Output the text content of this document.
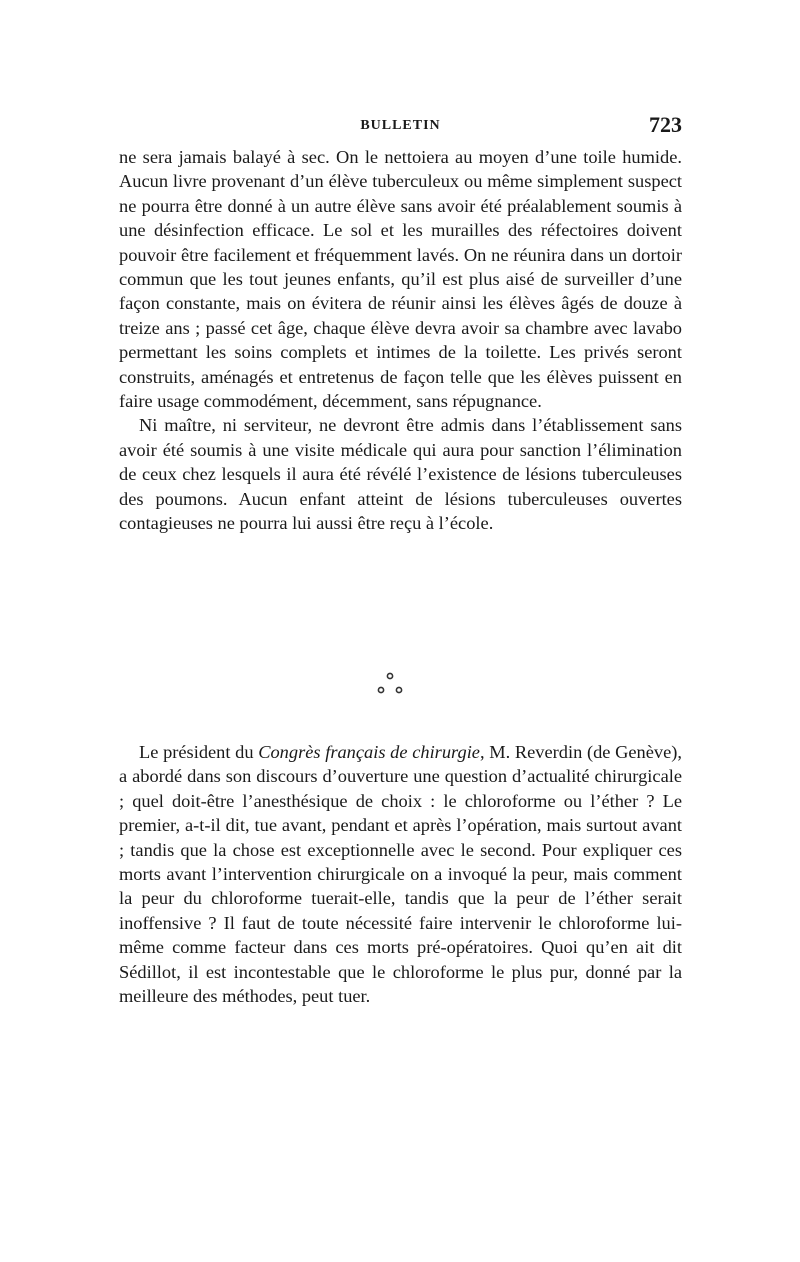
BULLETIN	723

ne sera jamais balayé à sec. On le nettoiera au moyen d’une toile humide. Aucun livre provenant d’un élève tuberculeux ou même simplement suspect ne pourra être donné à un autre élève sans avoir été préalablement soumis à une désinfection efficace. Le sol et les murailles des réfectoires doivent pouvoir être facilement et fréquemment lavés. On ne réunira dans un dortoir commun que les tout jeunes enfants, qu’il est plus aisé de surveiller d’une façon constante, mais on évitera de réunir ainsi les élèves âgés de douze à treize ans ; passé cet âge, chaque élève devra avoir sa chambre avec lavabo permettant les soins complets et intimes de la toilette. Les privés seront construits, aménagés et entretenus de façon telle que les élèves puissent en faire usage commodément, décemment, sans répugnance.

Ni maître, ni serviteur, ne devront être admis dans l’établissement sans avoir été soumis à une visite médicale qui aura pour sanction l’élimination de ceux chez lesquels il aura été révélé l’existence de lésions tuberculeuses des poumons. Aucun enfant atteint de lésions tuberculeuses ouvertes contagieuses ne pourra lui aussi être reçu à l’école.

Le président du Congrès français de chirurgie, M. Reverdin (de Genève), a abordé dans son discours d’ouverture une question d’actualité chirurgicale ; quel doit-être l’anesthésique de choix : le chloroforme ou l’éther ? Le premier, a-t-il dit, tue avant, pendant et après l’opération, mais surtout avant ; tandis que la chose est exceptionnelle avec le second. Pour expliquer ces morts avant l’intervention chirurgicale on a invoqué la peur, mais comment la peur du chloroforme tuerait-elle, tandis que la peur de l’éther serait inoffensive ? Il faut de toute nécessité faire intervenir le chloroforme lui-même comme facteur dans ces morts pré-opératoires. Quoi qu’en ait dit Sédillot, il est incontestable que le chloroforme le plus pur, donné par la meilleure des méthodes, peut tuer.
